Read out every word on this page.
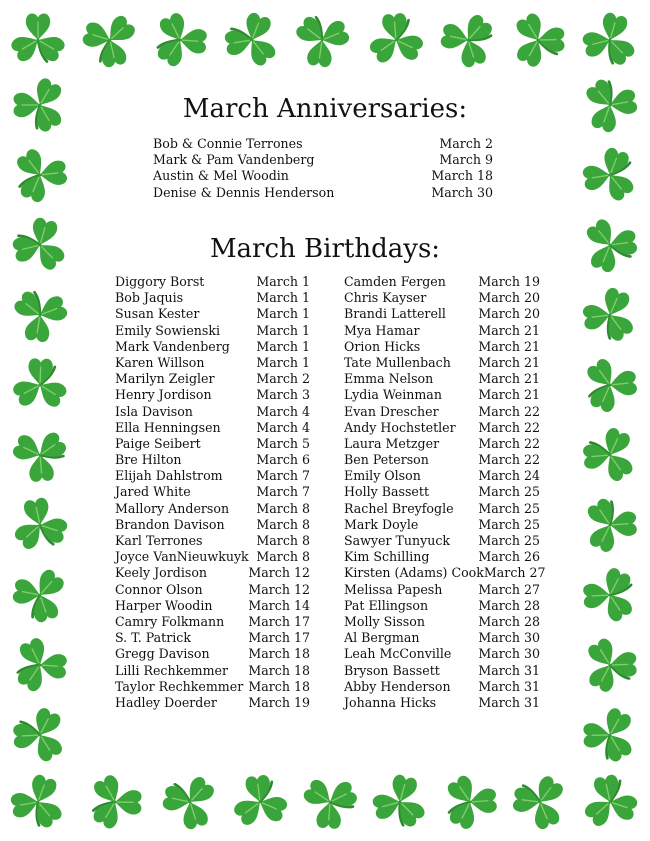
March Anniversaries:
Bob & Connie Terrones	March 2
Mark & Pam Vandenberg	March 9
Austin & Mel Woodin	March 18
Denise & Dennis Henderson	March 30
March Birthdays:
Diggory Borst	March 1
Bob Jaquis	March 1
Susan Kester	March 1
Emily Sowienski	March 1
Mark Vandenberg March 1
Karen Willson	March 1
Marilyn Zeigler	March 2
Henry Jordison	March 3
Isla Davison	March 4
Ella Henningsen	March 4
Paige Seibert	March 5
Bre Hilton	March 6
Elijah Dahlstrom	March 7
Jared White	March 7
Mallory Anderson March 8
Brandon Davison	March 8
Karl Terrones	March 8
Joyce VanNieuwkuyk March 8
Keely Jordison	March 12
Connor Olson	March 12
Harper Woodin	March 14
Camry Folkmann March 17
S. T. Patrick	March 17
Gregg Davison	March 18
Lilli Rechkemmer March 18
Taylor Rechkemmer March 18
Hadley Doerder	March 19
Camden Fergen	March 19
Chris Kayser	March 20
Brandi Latterell	March 20
Mya Hamar	March 21
Orion Hicks	March 21
Tate Mullenbach March 21
Emma Nelson	March 21
Lydia Weinman	March 21
Evan Drescher	March 22
Andy Hochstetler March 22
Laura Metzger	March 22
Ben Peterson	March 22
Emily Olson	March 24
Holly Bassett	March 25
Rachel Breyfogle March 25
Mark Doyle	March 25
Sawyer Tunyuck March 25
Kim Schilling	March 26
Kirsten (Adams) Cook March 27
Melissa Papesh	March 27
Pat Ellingson	March 28
Molly Sisson	March 28
Al Bergman	March 30
Leah McConville March 30
Bryson Bassett	March 31
Abby Henderson March 31
Johanna Hicks	March 31
